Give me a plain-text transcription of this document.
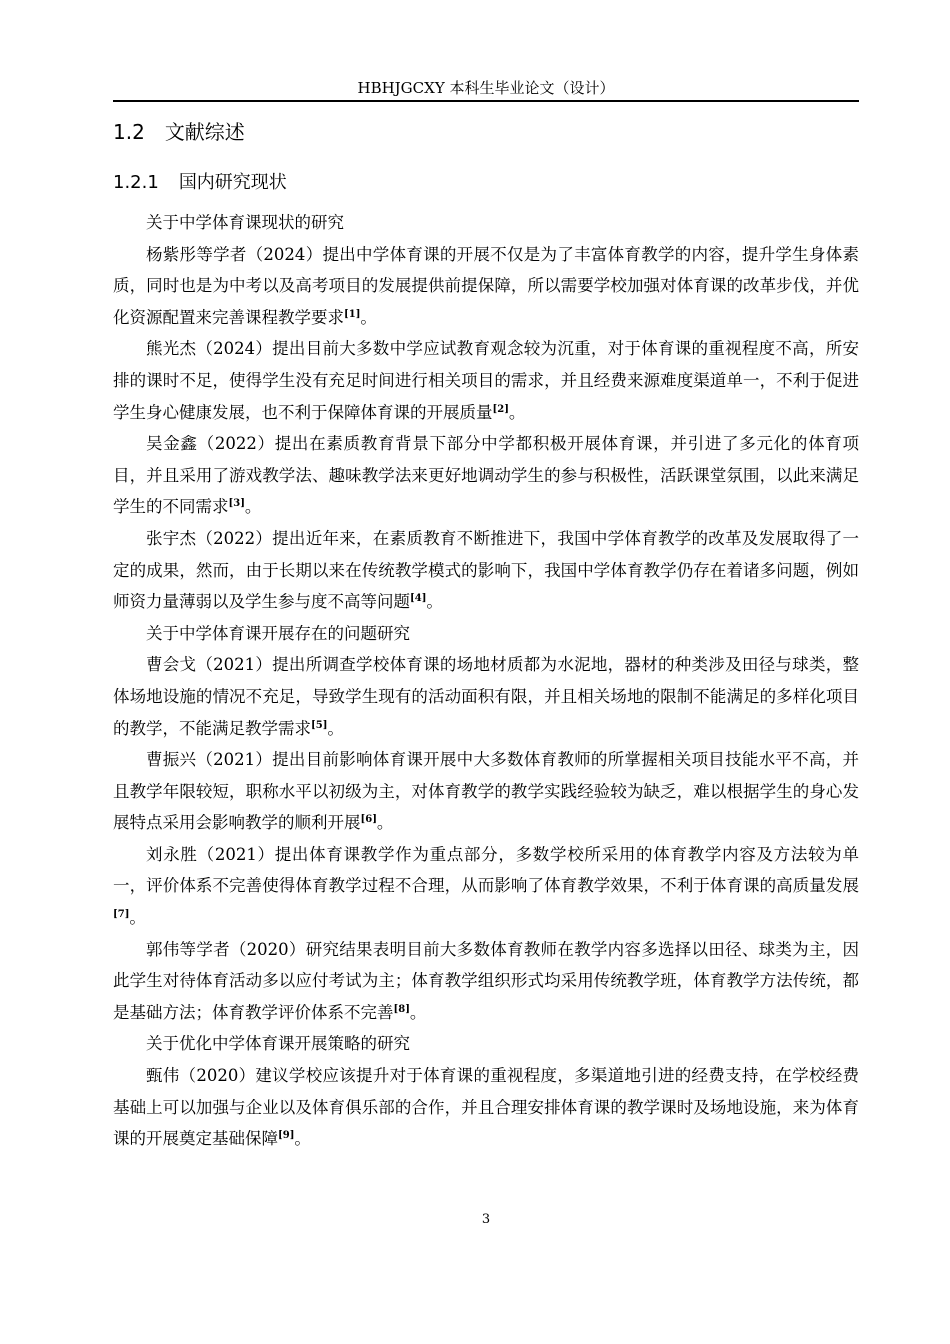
HBHJGCXY 本科生毕业论文（设计）
1.2 文献综述
1.2.1 国内研究现状

关于中学体育课现状的研究

杨紫彤等学者（2024）提出中学体育课的开展不仅是为了丰富体育教学的内容，提升学生身体素质，同时也是为中考以及高考项目的发展提供前提保障，所以需要学校加强对体育课的改革步伐，并优化资源配置来完善课程教学要求[1]。

熊光杰（2024）提出目前大多数中学应试教育观念较为沉重，对于体育课的重视程度不高，所安排的课时不足，使得学生没有充足时间进行相关项目的需求，并且经费来源难度渠道单一，不利于促进学生身心健康发展，也不利于保障体育课的开展质量[2]。

吴金鑫（2022）提出在素质教育背景下部分中学都积极开展体育课，并引进了多元化的体育项目，并且采用了游戏教学法、趣味教学法来更好地调动学生的参与积极性，活跃课堂氛围，以此来满足学生的不同需求[3]。

张宇杰（2022）提出近年来，在素质教育不断推进下，我国中学体育教学的改革及发展取得了一定的成果，然而，由于长期以来在传统教学模式的影响下，我国中学体育教学仍存在着诸多问题，例如师资力量薄弱以及学生参与度不高等问题[4]。

关于中学体育课开展存在的问题研究

曹会戈（2021）提出所调查学校体育课的场地材质都为水泥地，器材的种类涉及田径与球类，整体场地设施的情况不充足，导致学生现有的活动面积有限，并且相关场地的限制不能满足的多样化项目的教学，不能满足教学需求[5]。

曹振兴（2021）提出目前影响体育课开展中大多数体育教师的所掌握相关项目技能水平不高，并且教学年限较短，职称水平以初级为主，对体育教学的教学实践经验较为缺乏，难以根据学生的身心发展特点采用会影响教学的顺利开展[6]。

刘永胜（2021）提出体育课教学作为重点部分，多数学校所采用的体育教学内容及方法较为单一，评价体系不完善使得体育教学过程不合理，从而影响了体育教学效果，不利于体育课的高质量发展[7]。

郭伟等学者（2020）研究结果表明目前大多数体育教师在教学内容多选择以田径、球类为主，因此学生对待体育活动多以应付考试为主；体育教学组织形式均采用传统教学班，体育教学方法传统，都是基础方法；体育教学评价体系不完善[8]。

关于优化中学体育课开展策略的研究

甄伟（2020）建议学校应该提升对于体育课的重视程度，多渠道地引进的经费支持，在学校经费基础上可以加强与企业以及体育俱乐部的合作，并且合理安排体育课的教学课时及场地设施，来为体育课的开展奠定基础保障[9]。

3
